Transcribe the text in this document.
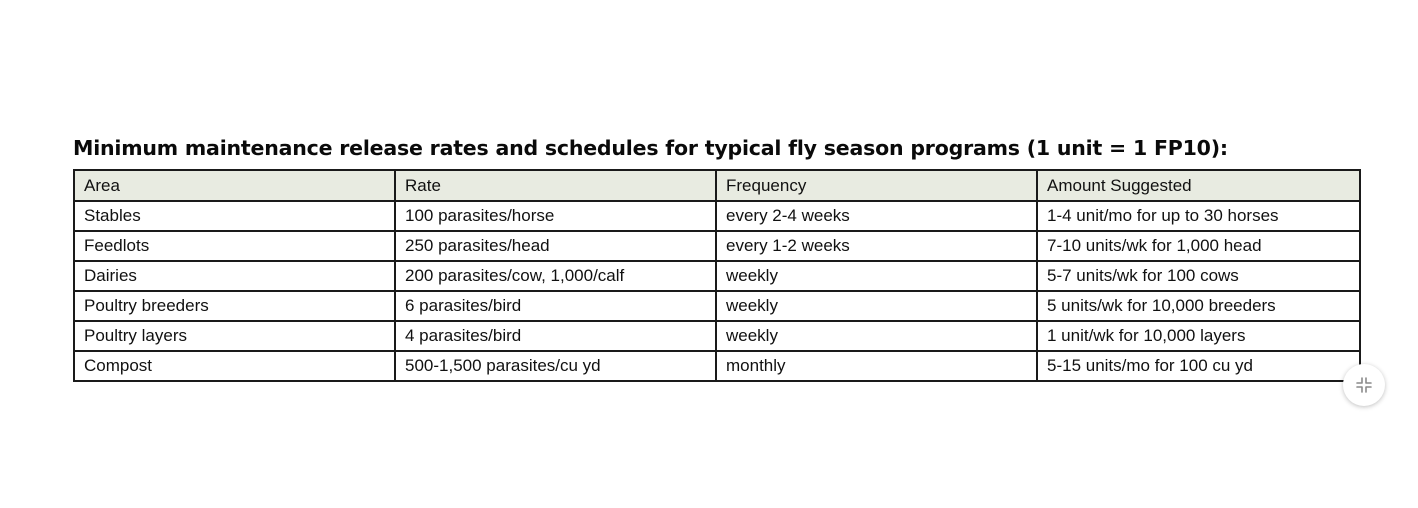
Minimum maintenance release rates and schedules for typical fly season programs (1 unit = 1 FP10):
Area	Rate	Frequency	Amount Suggested
Stables	100 parasites/horse	every 2-4 weeks	1-4 unit/mo for up to 30 horses
Feedlots	250 parasites/head	every 1-2 weeks	7-10 units/wk for 1,000 head
Dairies	200 parasites/cow, 1,000/calf	weekly	5-7 units/wk for 100 cows
Poultry breeders	6 parasites/bird	weekly	5 units/wk for 10,000 breeders
Poultry layers	4 parasites/bird	weekly	1 unit/wk for 10,000 layers
Compost	500-1,500 parasites/cu yd	monthly	5-15 units/mo for 100 cu yd
